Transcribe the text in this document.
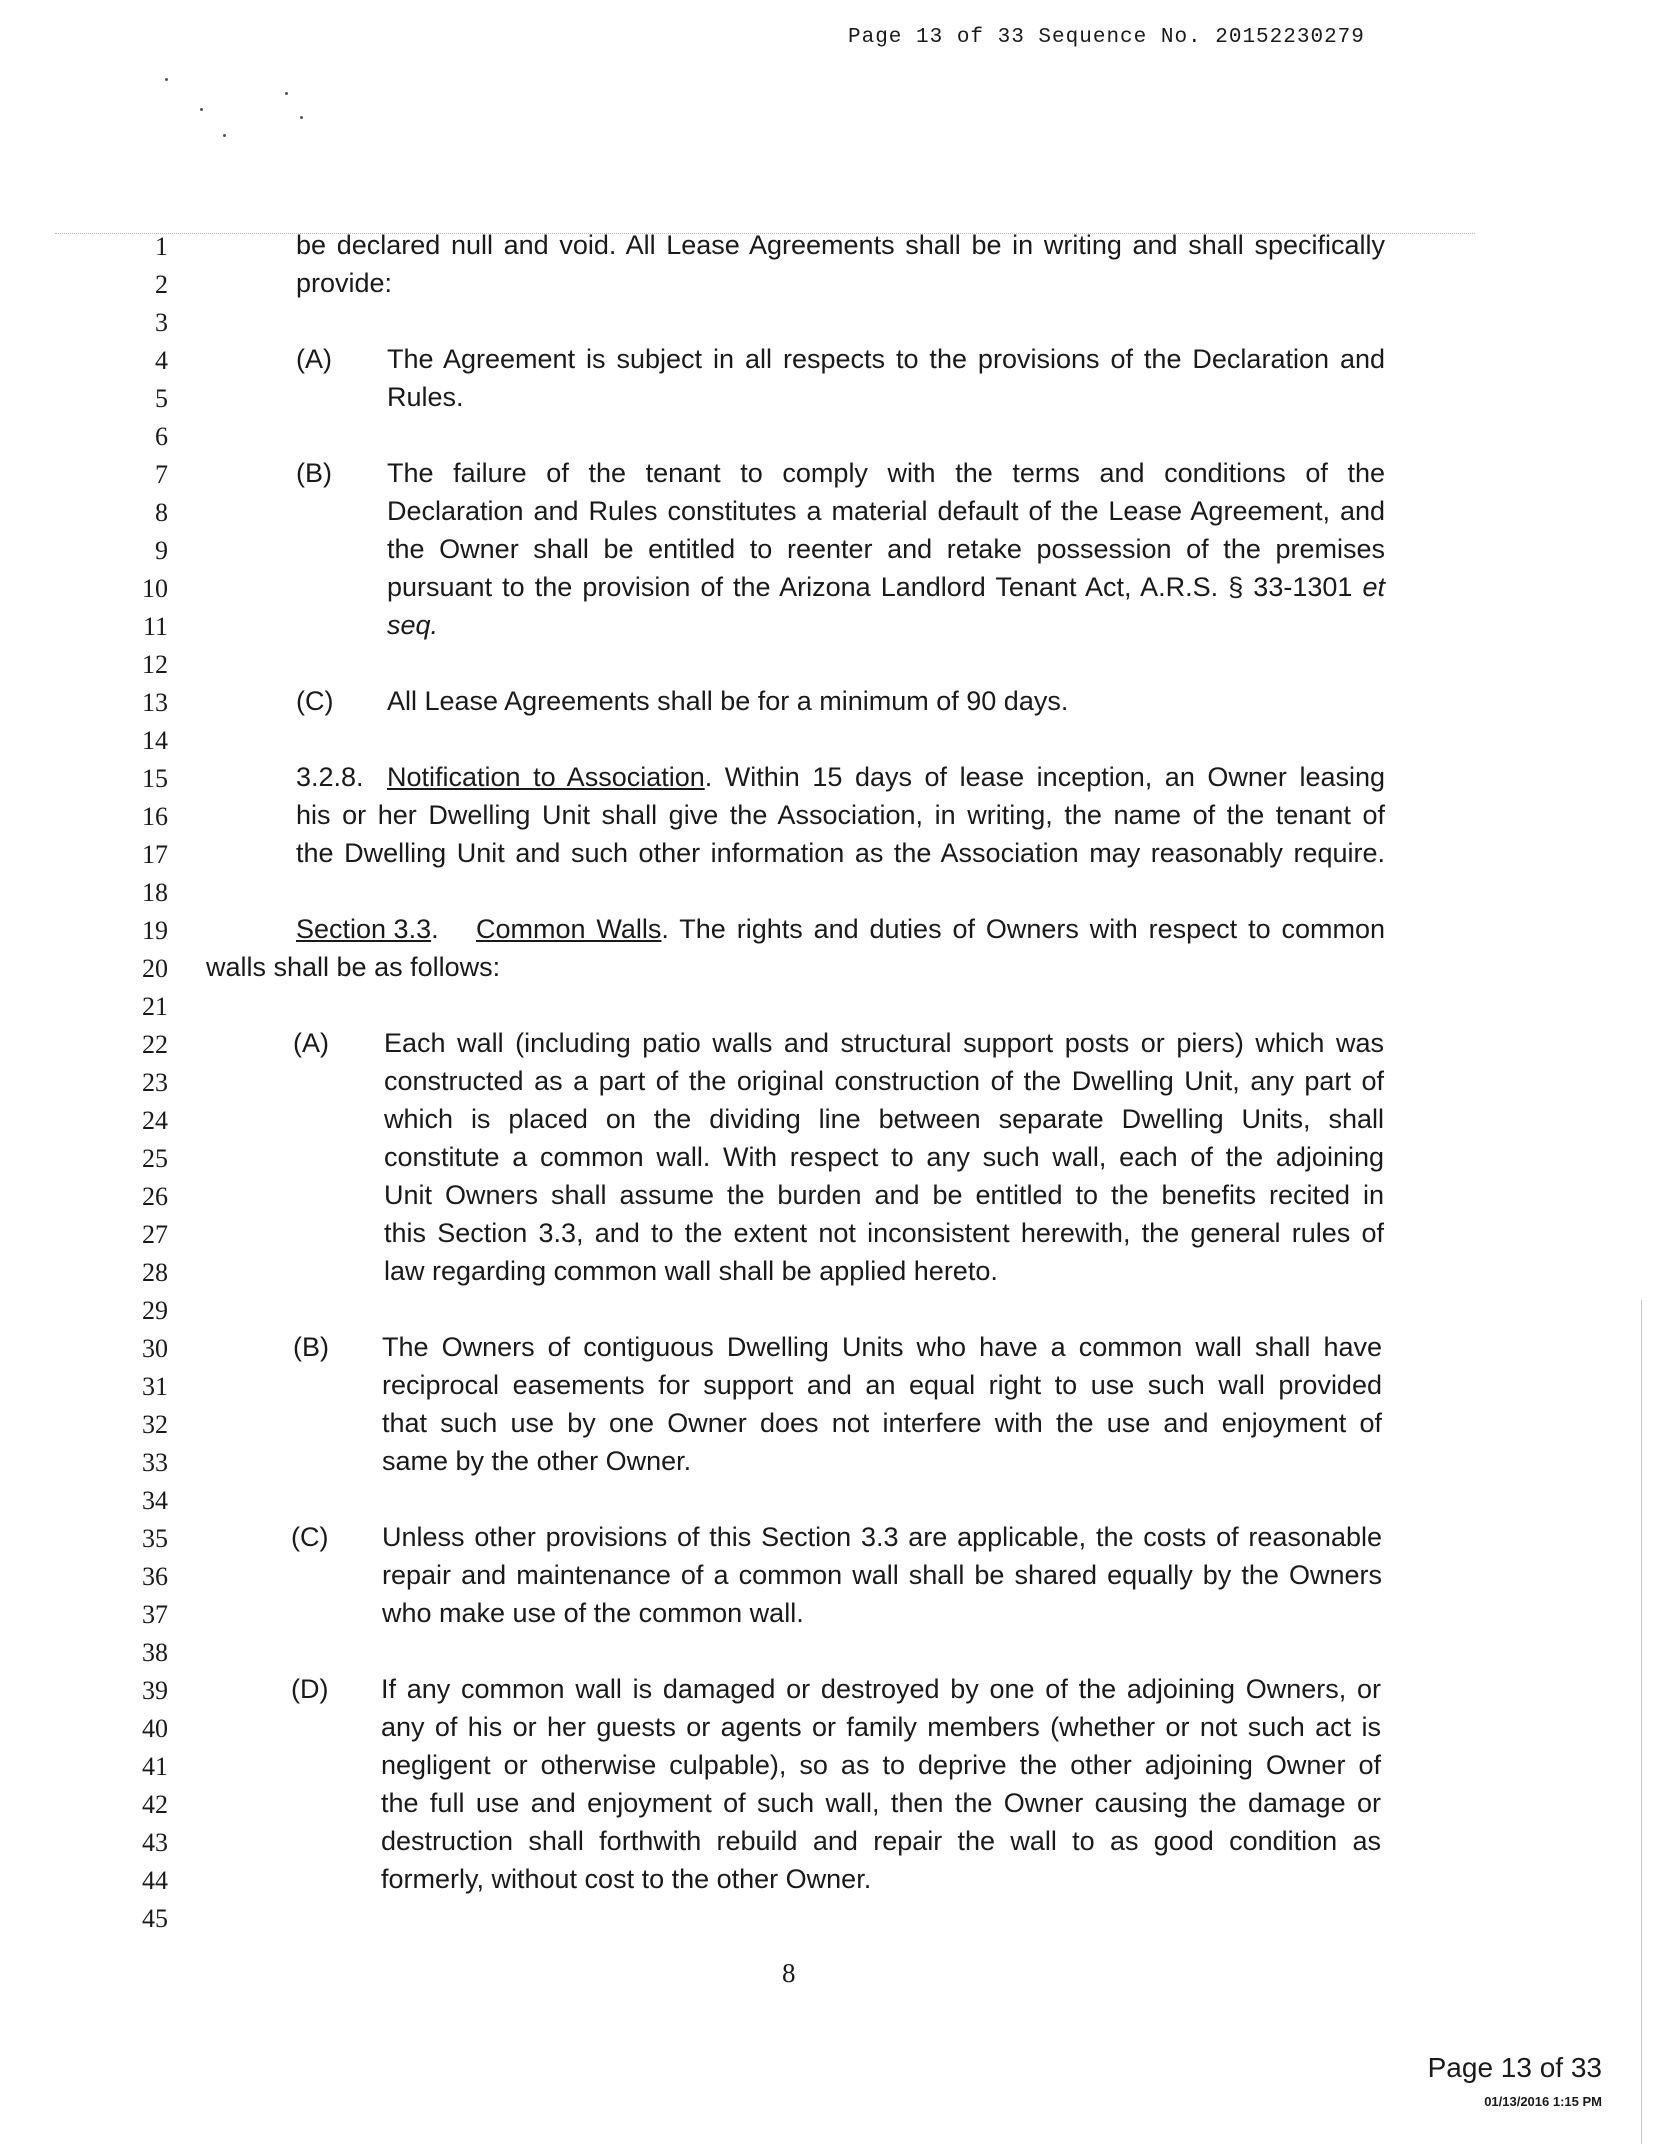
Page 13 of 33 Sequence No. 20152230279
1
2
3
4
5
6
7
8
9
10
11
12
13
14
15
16
17
18
19
20
21
22
23
24
25
26
27
28
29
30
31
32
33
34
35
36
37
38
39
40
41
42
43
44
45
be declared null and void. All Lease Agreements shall be in writing and shall specifically
provide:
(A) The Agreement is subject in all respects to the provisions of the Declaration and
Rules.
(B) The failure of the tenant to comply with the terms and conditions of the
Declaration and Rules constitutes a material default of the Lease Agreement, and
the Owner shall be entitled to reenter and retake possession of the premises
pursuant to the provision of the Arizona Landlord Tenant Act, A.R.S. § 33-1301 et
seq.
(C) All Lease Agreements shall be for a minimum of 90 days.
3.2.8. Notification to Association. Within 15 days of lease inception, an Owner leasing
his or her Dwelling Unit shall give the Association, in writing, the name of the tenant of
the Dwelling Unit and such other information as the Association may reasonably require.
Section 3.3. Common Walls. The rights and duties of Owners with respect to common
walls shall be as follows:
(A) Each wall (including patio walls and structural support posts or piers) which was
constructed as a part of the original construction of the Dwelling Unit, any part of
which is placed on the dividing line between separate Dwelling Units, shall
constitute a common wall. With respect to any such wall, each of the adjoining
Unit Owners shall assume the burden and be entitled to the benefits recited in
this Section 3.3, and to the extent not inconsistent herewith, the general rules of
law regarding common wall shall be applied hereto.
(B) The Owners of contiguous Dwelling Units who have a common wall shall have
reciprocal easements for support and an equal right to use such wall provided
that such use by one Owner does not interfere with the use and enjoyment of
same by the other Owner.
(C) Unless other provisions of this Section 3.3 are applicable, the costs of reasonable
repair and maintenance of a common wall shall be shared equally by the Owners
who make use of the common wall.
(D) If any common wall is damaged or destroyed by one of the adjoining Owners, or
any of his or her guests or agents or family members (whether or not such act is
negligent or otherwise culpable), so as to deprive the other adjoining Owner of
the full use and enjoyment of such wall, then the Owner causing the damage or
destruction shall forthwith rebuild and repair the wall to as good condition as
formerly, without cost to the other Owner.
8
Page 13 of 33
01/13/2016 1:15 PM
